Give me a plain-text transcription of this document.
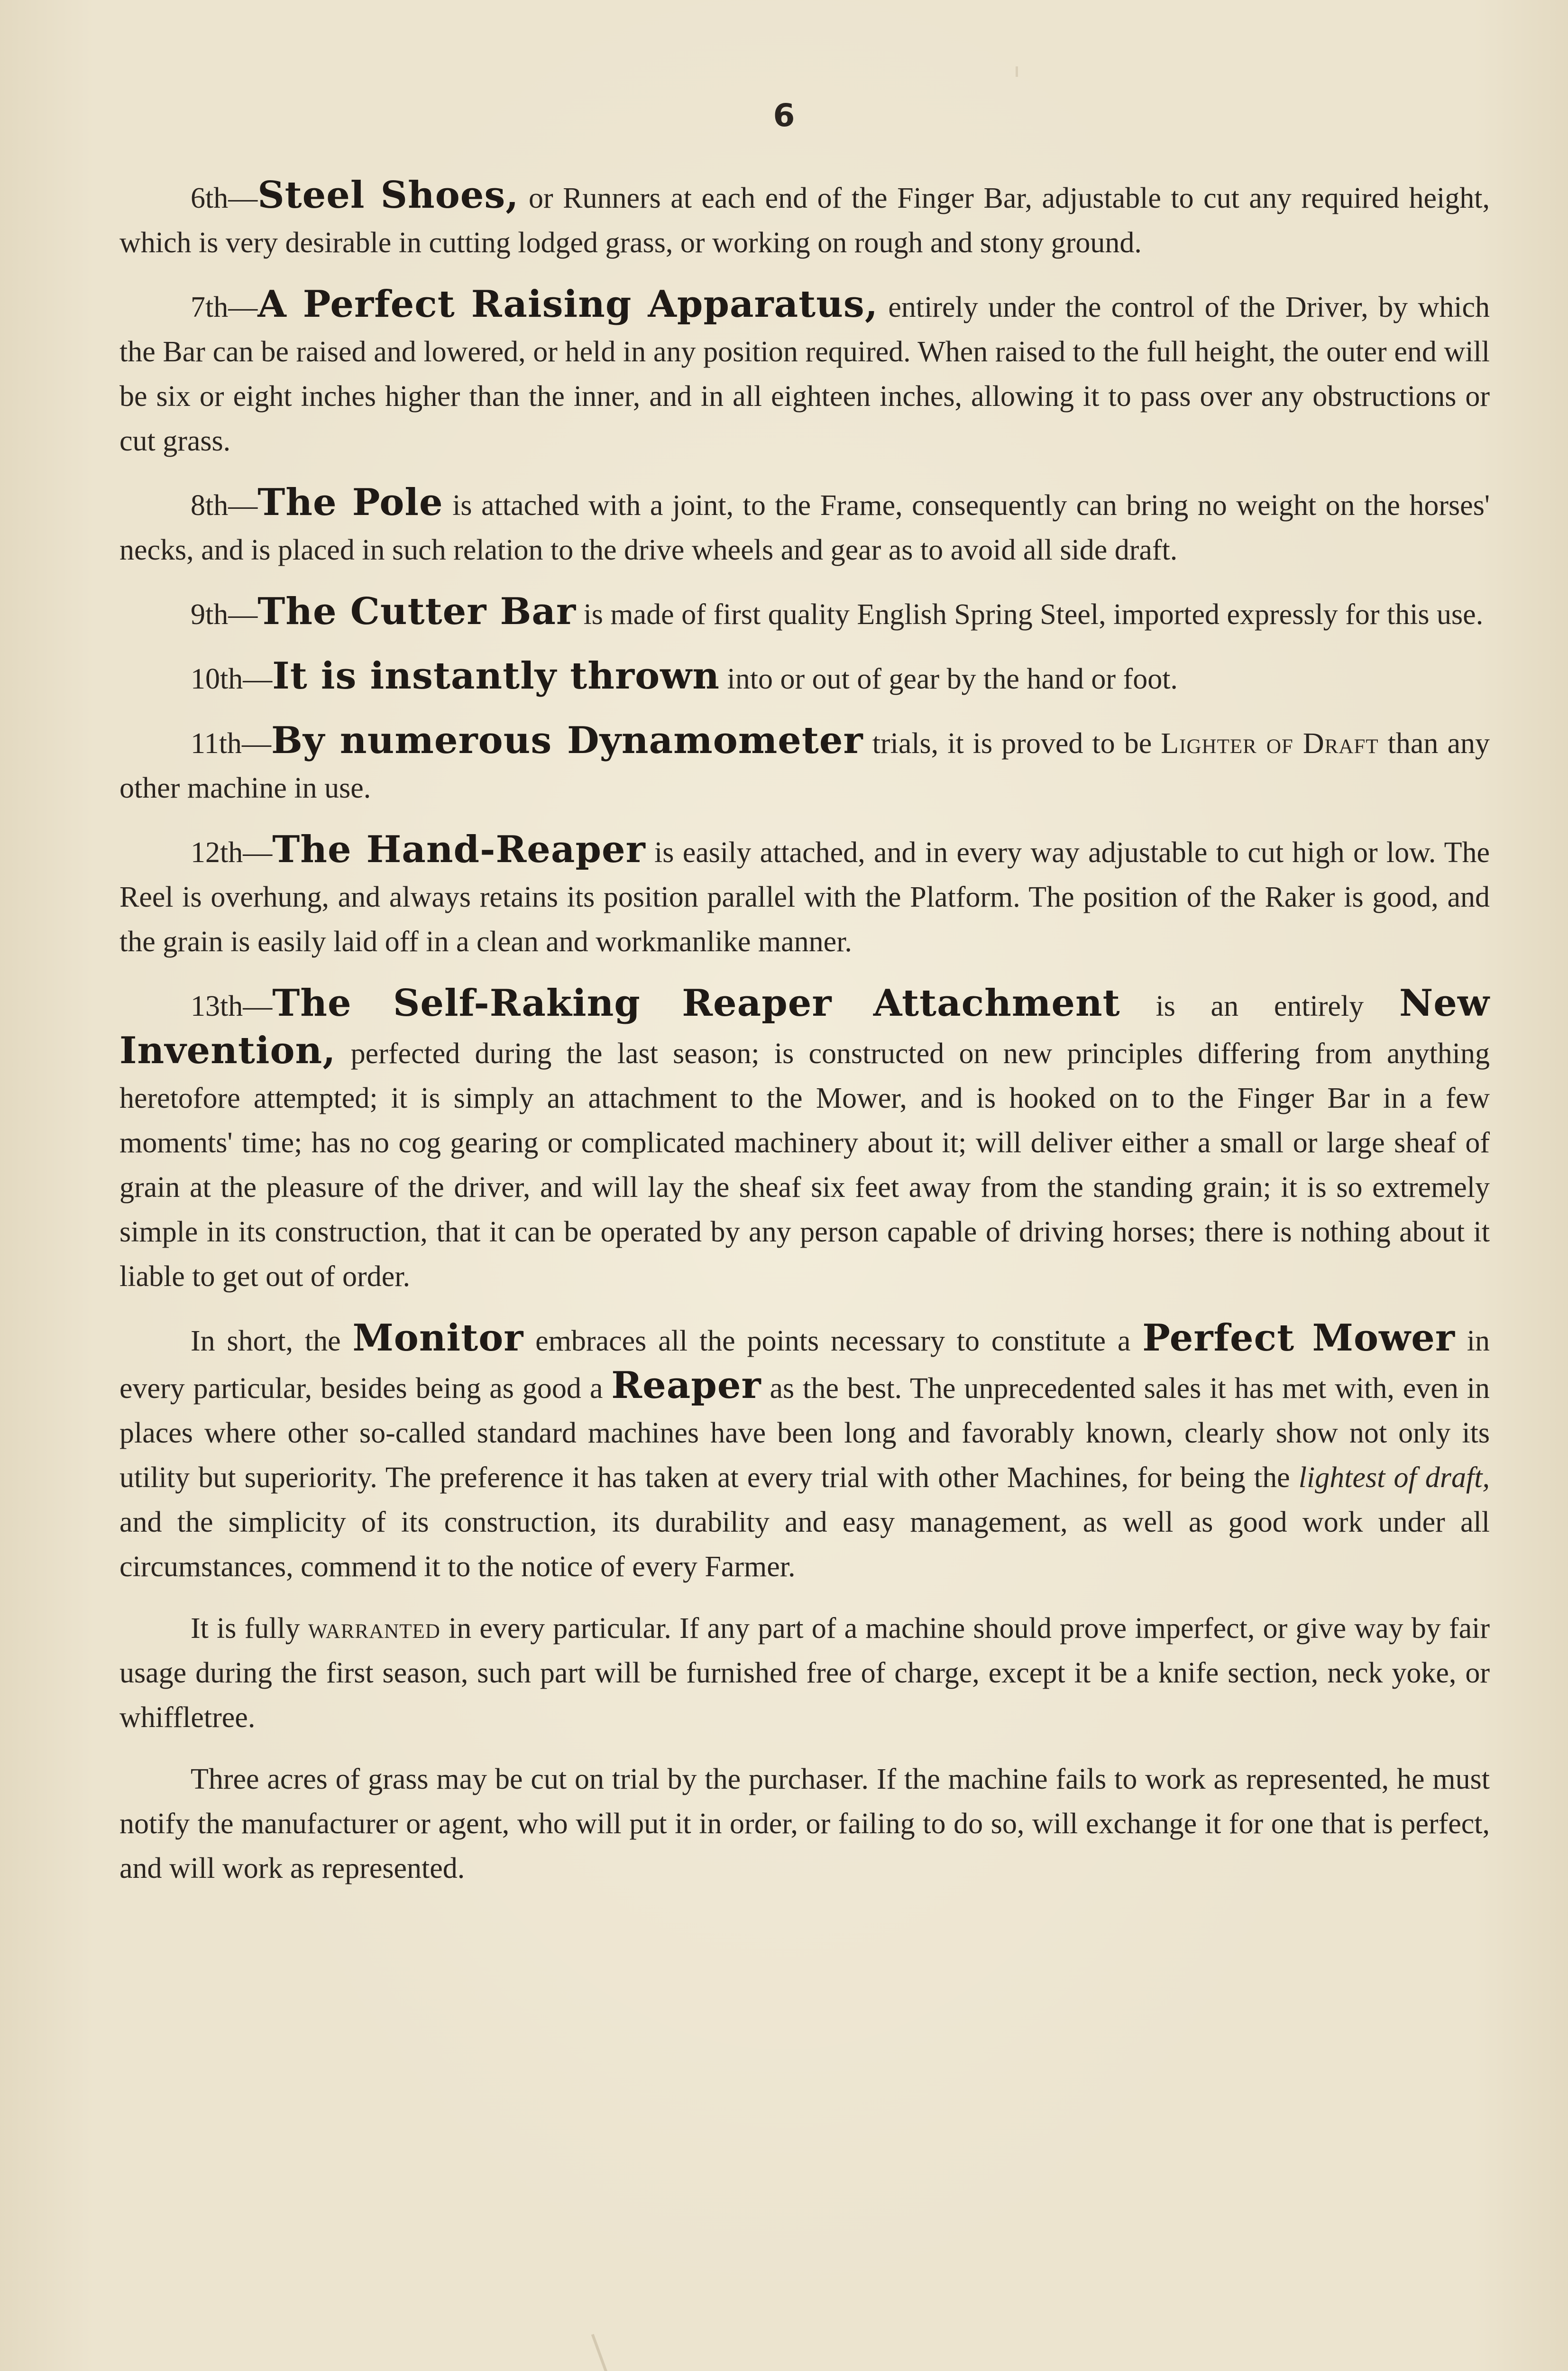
6

6th—Steel Shoes, or Runners at each end of the Finger Bar, adjustable to cut any required height, which is very desirable in cutting lodged grass, or working on rough and stony ground.

7th—A Perfect Raising Apparatus, entirely under the control of the Driver, by which the Bar can be raised and lowered, or held in any position required. When raised to the full height, the outer end will be six or eight inches higher than the inner, and in all eighteen inches, allowing it to pass over any obstructions or cut grass.

8th—The Pole is attached with a joint, to the Frame, consequently can bring no weight on the horses' necks, and is placed in such relation to the drive wheels and gear as to avoid all side draft.

9th—The Cutter Bar is made of first quality English Spring Steel, imported expressly for this use.

10th—It is instantly thrown into or out of gear by the hand or foot.

11th—By numerous Dynamometer trials, it is proved to be Lighter of Draft than any other machine in use.

12th—The Hand-Reaper is easily attached, and in every way adjustable to cut high or low. The Reel is overhung, and always retains its position parallel with the Platform. The position of the Raker is good, and the grain is easily laid off in a clean and workmanlike manner.

13th—The Self-Raking Reaper Attachment is an entirely New Invention, perfected during the last season; is constructed on new principles differing from anything heretofore attempted; it is simply an attachment to the Mower, and is hooked on to the Finger Bar in a few moments' time; has no cog gearing or complicated machinery about it; will deliver either a small or large sheaf of grain at the pleasure of the driver, and will lay the sheaf six feet away from the standing grain; it is so extremely simple in its construction, that it can be operated by any person capable of driving horses; there is nothing about it liable to get out of order.

In short, the Monitor embraces all the points necessary to constitute a Perfect Mower in every particular, besides being as good a Reaper as the best. The unprecedented sales it has met with, even in places where other so-called standard machines have been long and favorably known, clearly show not only its utility but superiority. The preference it has taken at every trial with other Machines, for being the lightest of draft, and the simplicity of its construction, its durability and easy management, as well as good work under all circumstances, commend it to the notice of every Farmer.

It is fully warranted in every particular. If any part of a machine should prove imperfect, or give way by fair usage during the first season, such part will be furnished free of charge, except it be a knife section, neck yoke, or whiffletree.

Three acres of grass may be cut on trial by the purchaser. If the machine fails to work as represented, he must notify the manufacturer or agent, who will put it in order, or failing to do so, will exchange it for one that is perfect, and will work as represented.
